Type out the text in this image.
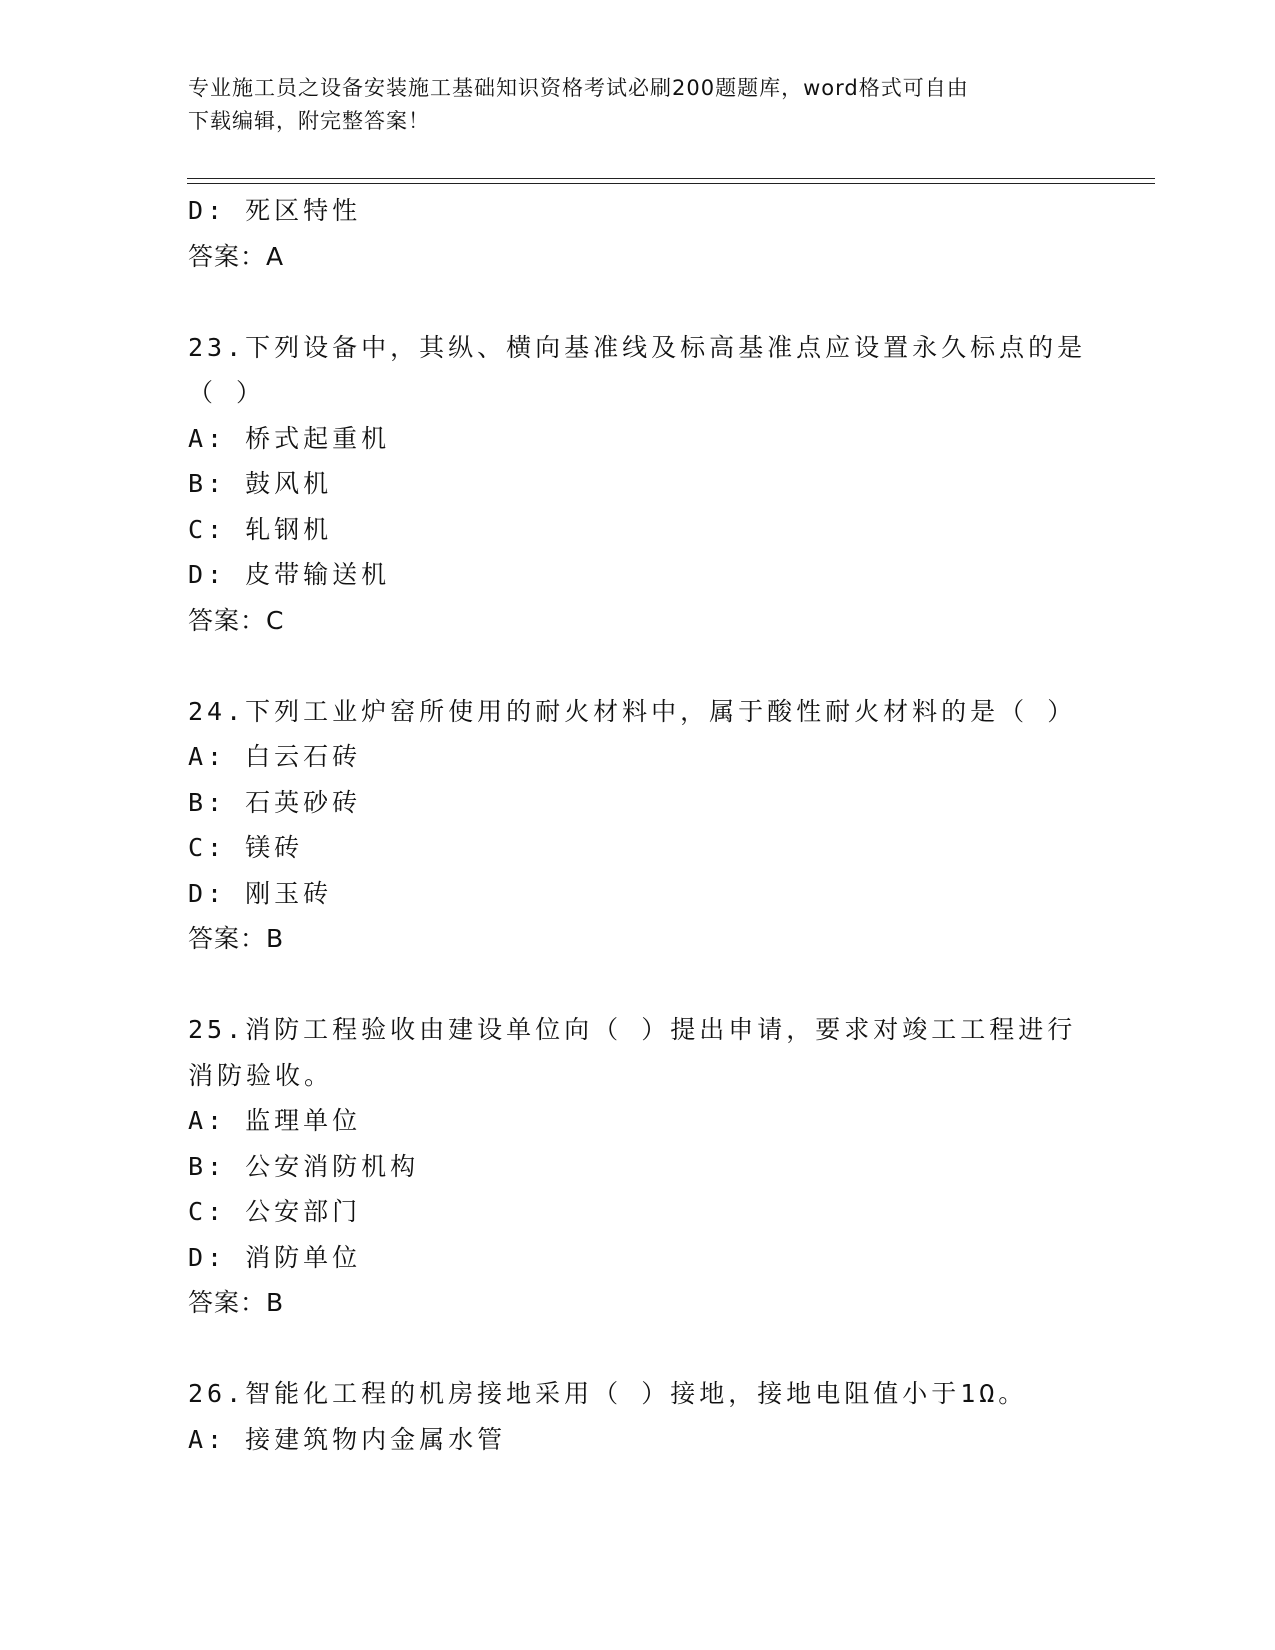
专业施工员之设备安装施工基础知识资格考试必刷200题题库，word格式可自由
下载编辑，附完整答案！
D: 死区特性
答案：A
23.下列设备中，其纵、横向基准线及标高基准点应设置永久标点的是
（ ）
A: 桥式起重机
B: 鼓风机
C: 轧钢机
D: 皮带输送机
答案：C
24.下列工业炉窑所使用的耐火材料中，属于酸性耐火材料的是（ ）
A: 白云石砖
B: 石英砂砖
C: 镁砖
D: 刚玉砖
答案：B
25.消防工程验收由建设单位向（ ）提出申请，要求对竣工工程进行
消防验收。
A: 监理单位
B: 公安消防机构
C: 公安部门
D: 消防单位
答案：B
26.智能化工程的机房接地采用（ ）接地，接地电阻值小于1Ω。
A: 接建筑物内金属水管
